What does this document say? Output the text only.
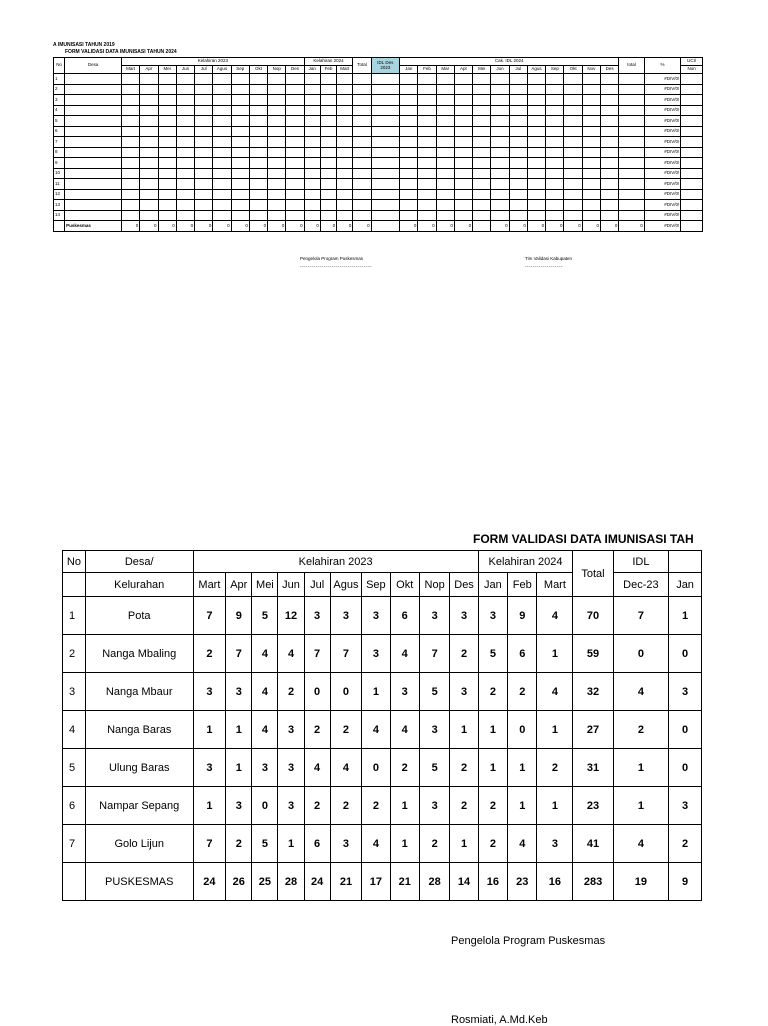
A IMUNISASI TAHUN 2019
FORM VALIDASI DATA IMUNISASI TAHUN 2024
No	Desa	Kelahiran 2023										Kelahiran 2024			Total	IDL Des 2023	Cak. IDL 2024												total	%	UCI/
		Mart	Apr	Mei	Jun	Jul	Agus	Sep	Okt	Nop	Des	Jan	Feb	Mart			Jan	Feb	Mar	Apr	Mei	Jun	Jul	Agus	Sep	Okt	Nov	Des			Non
1																														#DIV/0!	
2																														#DIV/0!	
3																														#DIV/0!	
4																														#DIV/0!	
5																														#DIV/0!	
6																														#DIV/0!	
7																														#DIV/0!	
8																														#DIV/0!	
9																														#DIV/0!	
10																														#DIV/0!	
11																														#DIV/0!	
12																														#DIV/0!	
13																														#DIV/0!	
14																														#DIV/0!	
	Puskesmas	0	0	0	0	0	0	0	0	0	0	0	0	0	0		0	0	0	0		0	0	0	0	0	0	0	0	#DIV/0!	
Pengelola Program Puskesmas
------------------------------------
Tim Validasi Kabupaten
-------------------
FORM VALIDASI DATA IMUNISASI TAH
No	Desa/	Kelahiran 2023										Kelahiran 2024			Total	IDL	
	Kelurahan	Mart	Apr	Mei	Jun	Jul	Agus	Sep	Okt	Nop	Des	Jan	Feb	Mart		Dec-23	Jan
1	Pota	7	9	5	12	3	3	3	6	3	3	3	9	4	70	7	1
2	Nanga Mbaling	2	7	4	4	7	7	3	4	7	2	5	6	1	59	0	0
3	Nanga Mbaur	3	3	4	2	0	0	1	3	5	3	2	2	4	32	4	3
4	Nanga Baras	1	1	4	3	2	2	4	4	3	1	1	0	1	27	2	0
5	Ulung Baras	3	1	3	3	4	4	0	2	5	2	1	1	2	31	1	0
6	Nampar Sepang	1	3	0	3	2	2	2	1	3	2	2	1	1	23	1	3
7	Golo Lijun	7	2	5	1	6	3	4	1	2	1	2	4	3	41	4	2
	PUSKESMAS	24	26	25	28	24	21	17	21	28	14	16	23	16	283	19	9
Pengelola Program Puskesmas
Rosmiati, A.Md.Keb
